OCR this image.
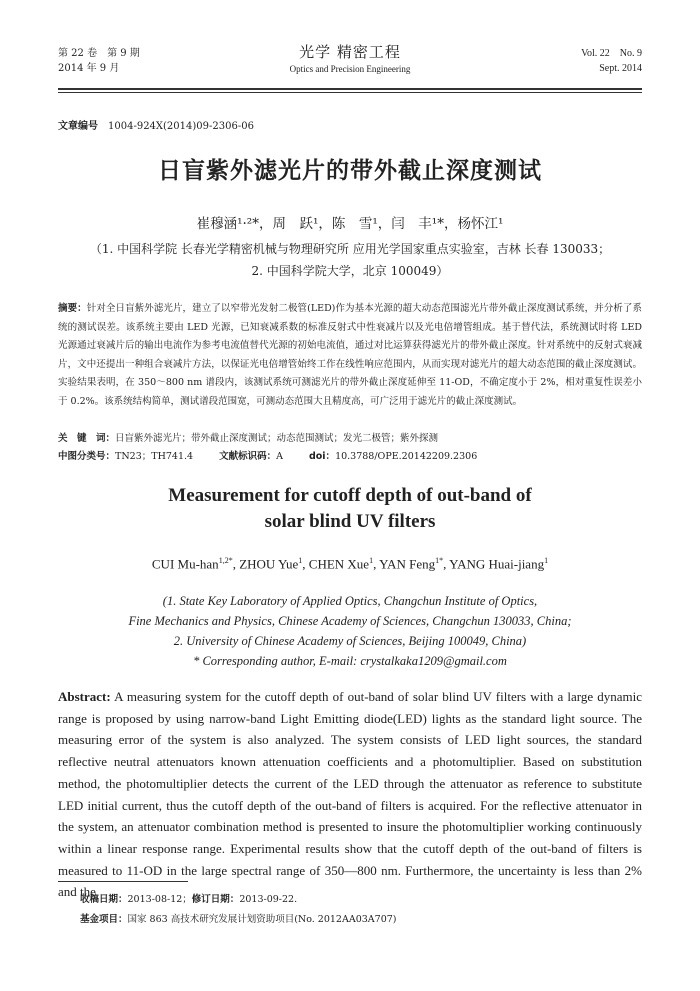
第 22 卷　第 9 期
2014 年 9 月
光学 精密工程
Optics and Precision Engineering
Vol. 22　No. 9
Sept. 2014
文章编号 1004-924X(2014)09-2306-06
日盲紫外滤光片的带外截止深度测试
崔穆涵¹·²*，周　跃¹，陈　雪¹，闫　丰¹*，杨怀江¹
（1. 中国科学院 长春光学精密机械与物理研究所 应用光学国家重点实验室，吉林 长春 130033；
2. 中国科学院大学，北京 100049）
摘要：针对全日盲紫外滤光片，建立了以窄带光发射二极管(LED)作为基本光源的超大动态范围滤光片带外截止深度测试系统，并分析了系统的测试误差。该系统主要由 LED 光源，已知衰减系数的标准反射式中性衰减片以及光电倍增管组成。基于替代法，系统测试时将 LED 光源通过衰减片后的输出电流作为参考电流值替代光源的初始电流值，通过对比运算获得滤光片的带外截止深度。针对系统中的反射式衰减片，文中还提出一种组合衰减片方法，以保证光电倍增管始终工作在线性响应范围内，从而实现对滤光片的超大动态范围的截止深度测试。实验结果表明，在 350～800 nm 谱段内，该测试系统可测滤光片的带外截止深度延伸至 11-OD，不确定度小于 2%，相对重复性误差小于 0.2%。该系统结构简单，测试谱段范围宽，可测动态范围大且精度高，可广泛用于滤光片的截止深度测试。
关　键　词：日盲紫外滤光片；带外截止深度测试；动态范围测试；发光二极管；紫外探测
中图分类号：TN23；TH741.4	文献标识码：A	doi：10.3788/OPE.20142209.2306
Measurement for cutoff depth of out-band of
solar blind UV filters
CUI Mu-han$^{1,2*}$, ZHOU Yue$^1$, CHEN Xue$^1$, YAN Feng$^{1*}$, YANG Huai-jiang$^1$
(1. State Key Laboratory of Applied Optics, Changchun Institute of Optics,
Fine Mechanics and Physics, Chinese Academy of Sciences, Changchun 130033, China;
2. University of Chinese Academy of Sciences, Beijing 100049, China)
* Corresponding author, E-mail: crystalkaka1209@gmail.com
Abstract: A measuring system for the cutoff depth of out-band of solar blind UV filters with a large dynamic range is proposed by using narrow-band Light Emitting diode(LED) lights as the standard light source. The measuring error of the system is also analyzed. The system consists of LED light sources, the standard reflective neutral attenuators known attenuation coefficients and a photomultiplier. Based on substitution method, the photomultiplier detects the current of the LED through the attenuator as reference to substitute LED initial current, thus the cutoff depth of the out-band of filters is acquired. For the reflective attenuator in the system, an attenuator combination method is presented to insure the photomultiplier working continuously within a linear response range. Experimental results show that the cutoff depth of the out-band of filters is measured to 11-OD in the large spectral range of 350—800 nm. Furthermore, the uncertainty is less than 2% and the
收稿日期：2013-08-12；修订日期：2013-09-22.
基金项目：国家 863 高技术研究发展计划资助项目(No. 2012AA03A707)
